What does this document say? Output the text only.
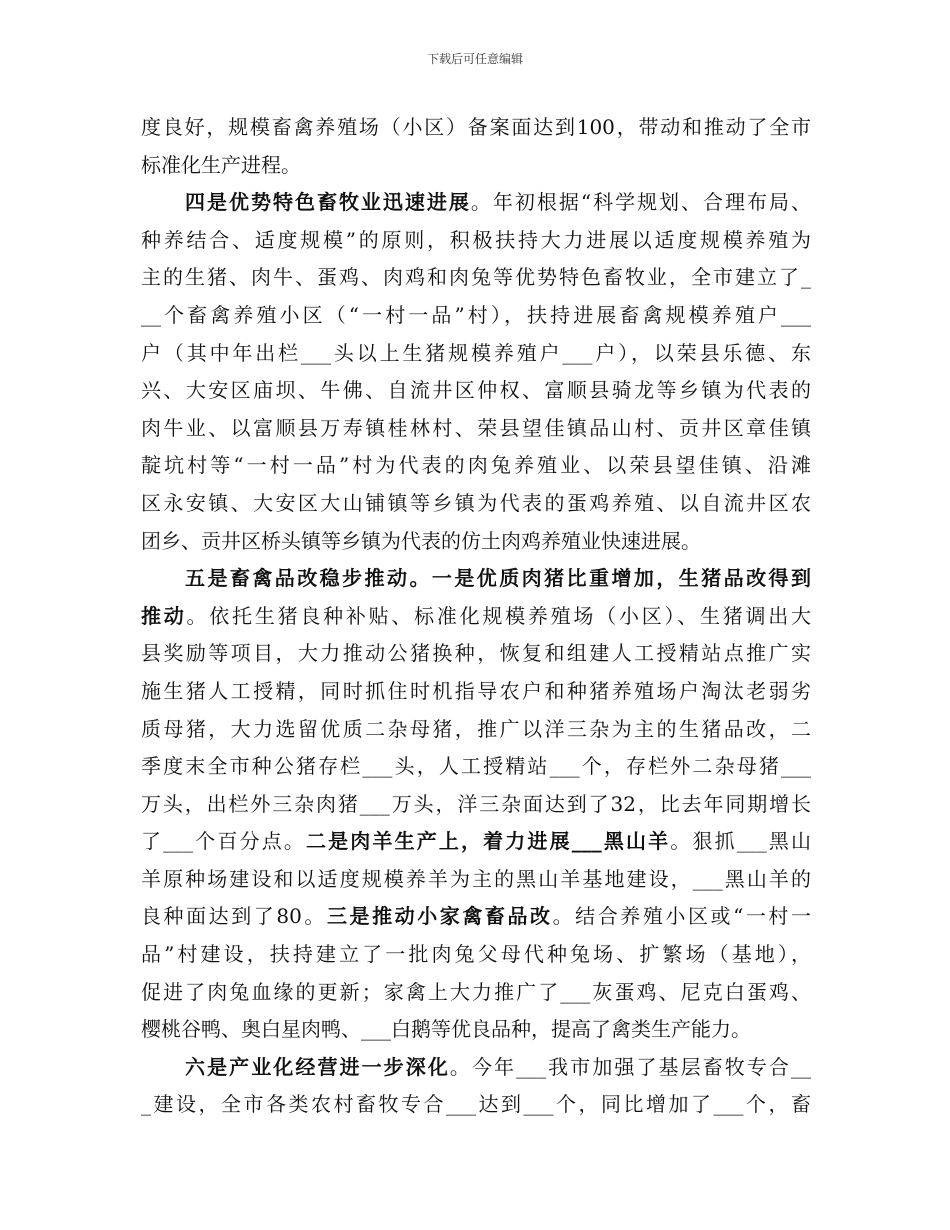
下载后可任意编辑
度良好，规模畜禽养殖场（小区）备案面达到100，带动和推动了全市
标准化生产进程。
四是优势特色畜牧业迅速进展。年初根据“科学规划、合理布局、
种养结合、适度规模”的原则，积极扶持大力进展以适度规模养殖为
主的生猪、肉牛、蛋鸡、肉鸡和肉兔等优势特色畜牧业，全市建立了_
__个畜禽养殖小区（“一村一品”村），扶持进展畜禽规模养殖户___
户（其中年出栏___头以上生猪规模养殖户___户），以荣县乐德、东
兴、大安区庙坝、牛佛、自流井区仲权、富顺县骑龙等乡镇为代表的
肉牛业、以富顺县万寿镇桂林村、荣县望佳镇品山村、贡井区章佳镇
靛坑村等“一村一品”村为代表的肉兔养殖业、以荣县望佳镇、沿滩
区永安镇、大安区大山铺镇等乡镇为代表的蛋鸡养殖、以自流井区农
团乡、贡井区桥头镇等乡镇为代表的仿土肉鸡养殖业快速进展。
五是畜禽品改稳步推动。一是优质肉猪比重增加，生猪品改得到
推动。依托生猪良种补贴、标准化规模养殖场（小区）、生猪调出大
县奖励等项目，大力推动公猪换种，恢复和组建人工授精站点推广实
施生猪人工授精，同时抓住时机指导农户和种猪养殖场户淘汰老弱劣
质母猪，大力选留优质二杂母猪，推广以洋三杂为主的生猪品改，二
季度末全市种公猪存栏___头，人工授精站___个，存栏外二杂母猪___
万头，出栏外三杂肉猪___万头，洋三杂面达到了32，比去年同期增长
了___个百分点。二是肉羊生产上，着力进展___黑山羊。狠抓___黑山
羊原种场建设和以适度规模养羊为主的黑山羊基地建设，___黑山羊的
良种面达到了80。三是推动小家禽畜品改。结合养殖小区或“一村一
品”村建设，扶持建立了一批肉兔父母代种兔场、扩繁场（基地），
促进了肉兔血缘的更新；家禽上大力推广了___灰蛋鸡、尼克白蛋鸡、
樱桃谷鸭、奥白星肉鸭、___白鹅等优良品种，提高了禽类生产能力。
六是产业化经营进一步深化。今年___我市加强了基层畜牧专合__
_建设，全市各类农村畜牧专合___达到___个，同比增加了___个，畜
